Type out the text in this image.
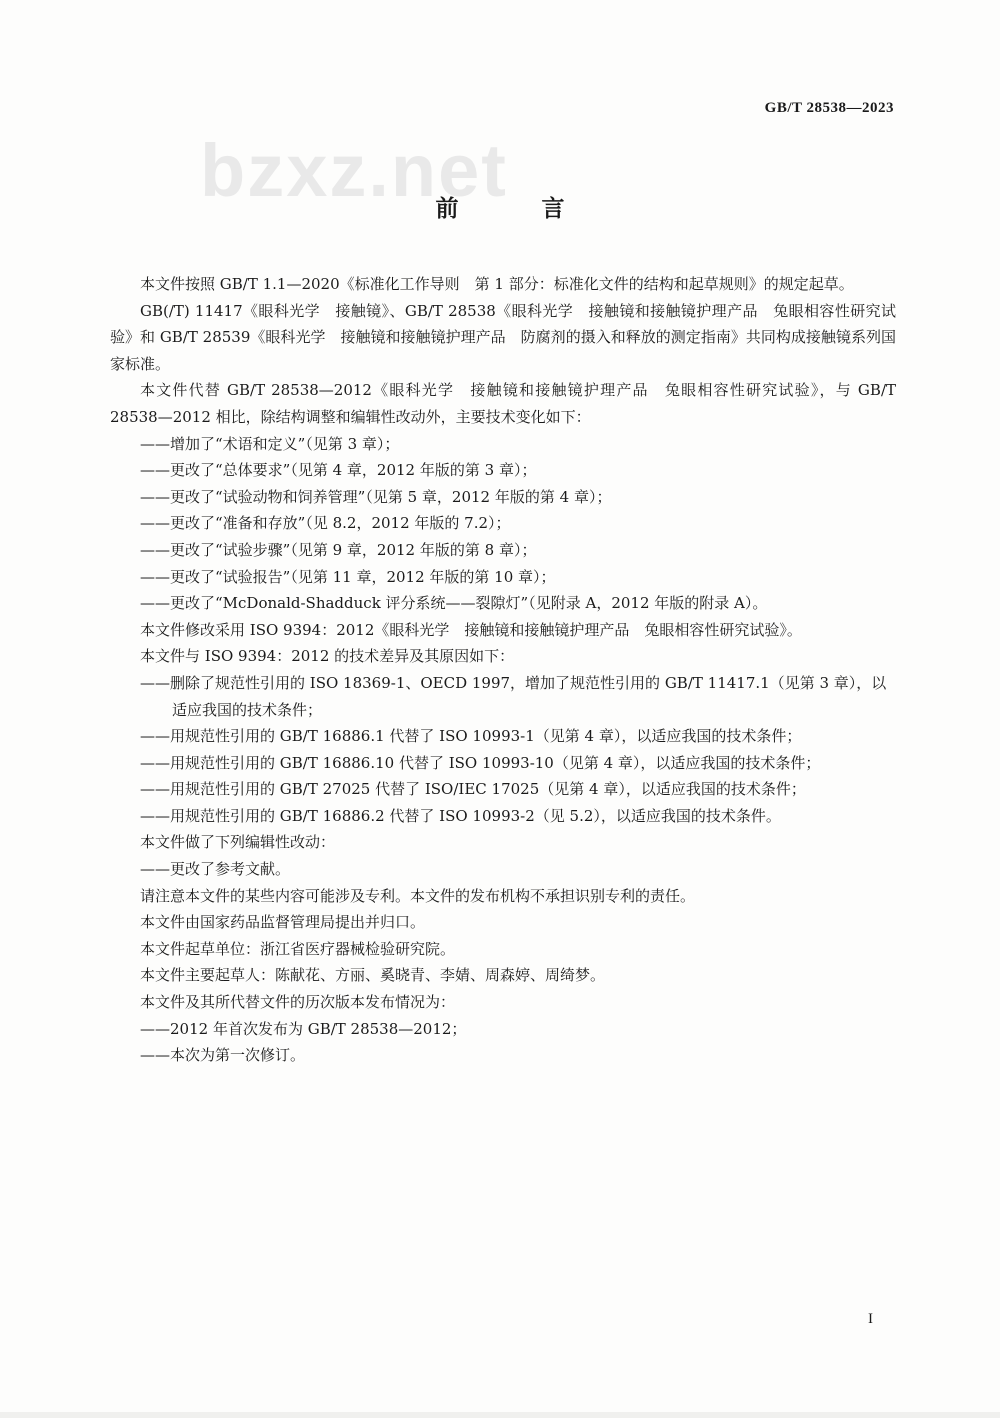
bzxz.net
GB/T 28538—2023
前　言

本文件按照 GB/T 1.1—2020《标准化工作导则　第 1 部分：标准化文件的结构和起草规则》的规定起草。

GB(/T) 11417《眼科光学　接触镜》、GB/T 28538《眼科光学　接触镜和接触镜护理产品　兔眼相容性研究试验》和 GB/T 28539《眼科光学　接触镜和接触镜护理产品　防腐剂的摄入和释放的测定指南》共同构成接触镜系列国家标准。

本文件代替 GB/T 28538—2012《眼科光学　接触镜和接触镜护理产品　兔眼相容性研究试验》，与 GB/T 28538—2012 相比，除结构调整和编辑性改动外，主要技术变化如下：

——增加了“术语和定义”（见第 3 章）；

——更改了“总体要求”（见第 4 章，2012 年版的第 3 章）；

——更改了“试验动物和饲养管理”（见第 5 章，2012 年版的第 4 章）；

——更改了“准备和存放”（见 8.2，2012 年版的 7.2）；

——更改了“试验步骤”（见第 9 章，2012 年版的第 8 章）；

——更改了“试验报告”（见第 11 章，2012 年版的第 10 章）；

——更改了“McDonald-Shadduck 评分系统——裂隙灯”（见附录 A，2012 年版的附录 A）。

本文件修改采用 ISO 9394：2012《眼科光学　接触镜和接触镜护理产品　兔眼相容性研究试验》。

本文件与 ISO 9394：2012 的技术差异及其原因如下：

——删除了规范性引用的 ISO 18369-1、OECD 1997，增加了规范性引用的 GB/T 11417.1（见第 3 章），以适应我国的技术条件；

——用规范性引用的 GB/T 16886.1 代替了 ISO 10993-1（见第 4 章），以适应我国的技术条件；

——用规范性引用的 GB/T 16886.10 代替了 ISO 10993-10（见第 4 章），以适应我国的技术条件；

——用规范性引用的 GB/T 27025 代替了 ISO/IEC 17025（见第 4 章），以适应我国的技术条件；

——用规范性引用的 GB/T 16886.2 代替了 ISO 10993-2（见 5.2），以适应我国的技术条件。

本文件做了下列编辑性改动：

——更改了参考文献。

请注意本文件的某些内容可能涉及专利。本文件的发布机构不承担识别专利的责任。

本文件由国家药品监督管理局提出并归口。

本文件起草单位：浙江省医疗器械检验研究院。

本文件主要起草人：陈献花、方丽、奚晓青、李婧、周森婷、周绮梦。

本文件及其所代替文件的历次版本发布情况为：

——2012 年首次发布为 GB/T 28538—2012；

——本次为第一次修订。

I
